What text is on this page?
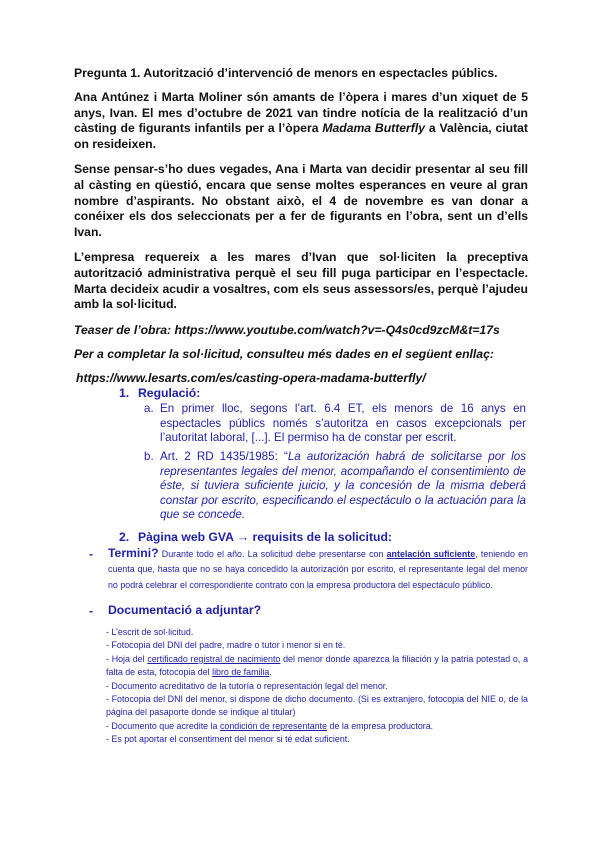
Pregunta 1. Autorització d’intervenció de menors en espectacles públics.
Ana Antúnez i Marta Moliner són amants de l’òpera i mares d’un xiquet de 5 anys, Ivan. El mes d’octubre de 2021 van tindre notícia de la realització d’un càsting de figurants infantils per a l’òpera Madama Butterfly a València, ciutat on resideixen.
Sense pensar-s’ho dues vegades, Ana i Marta van decidir presentar al seu fill al càsting en qüestió, encara que sense moltes esperances en veure al gran nombre d’aspirants. No obstant això, el 4 de novembre es van donar a conéixer els dos seleccionats per a fer de figurants en l’obra, sent un d’ells Ivan.
L’empresa requereix a les mares d’Ivan que sol·liciten la preceptiva autorització administrativa perquè el seu fill puga participar en l’espectacle. Marta decideix acudir a vosaltres, com els seus assessors/es, perquè l’ajudeu amb la sol·licitud.
Teaser de l’obra: https://www.youtube.com/watch?v=-Q4s0cd9zcM&t=17s
Per a completar la sol·licitud, consulteu més dades en el següent enllaç:
https://www.lesarts.com/es/casting-opera-madama-butterfly/
1. Regulació:
a. En primer lloc, segons l’art. 6.4 ET, els menors de 16 anys en espectacles públics només s’autoritza en casos excepcionals per l’autoritat laboral, [...]. El permiso ha de constar per escrit.
b. Art. 2 RD 1435/1985: “La autorización habrá de solicitarse por los representantes legales del menor, acompañando el consentimiento de éste, si tuviera suficiente juicio, y la concesión de la misma deberá constar por escrito, especificando el espectáculo o la actuación para la que se concede.
2. Pàgina web GVA → requisits de la solicitud:
- Termini? Durante todo el año. La solicitud debe presentarse con antelación suficiente, teniendo en cuenta que, hasta que no se haya concedido la autorización por escrito, el representante legal del menor no podrá celebrar el correspondiente contrato con la empresa productora del espectáculo público.
- Documentació a adjuntar?
- L’escrit de sol·licitud.
- Fotocopia del DNI del padre, madre o tutor i menor si en té.
- Hoja del certificado registral de nacimiento del menor donde aparezca la filiación y la patria potestad o, a falta de esta, fotocopia del libro de familia.
- Documento acreditativo de la tutoría o representación legal del menor.
- Fotocopia del DNI del menor, si dispone de dicho documento. (Si es extranjero, fotocopia del NIE o, de la página del pasaporte donde se indique al titular)
- Documento que acredite la condición de representante de la empresa productora.
- Es pot aportar el consentiment del menor si té edat suficient.
